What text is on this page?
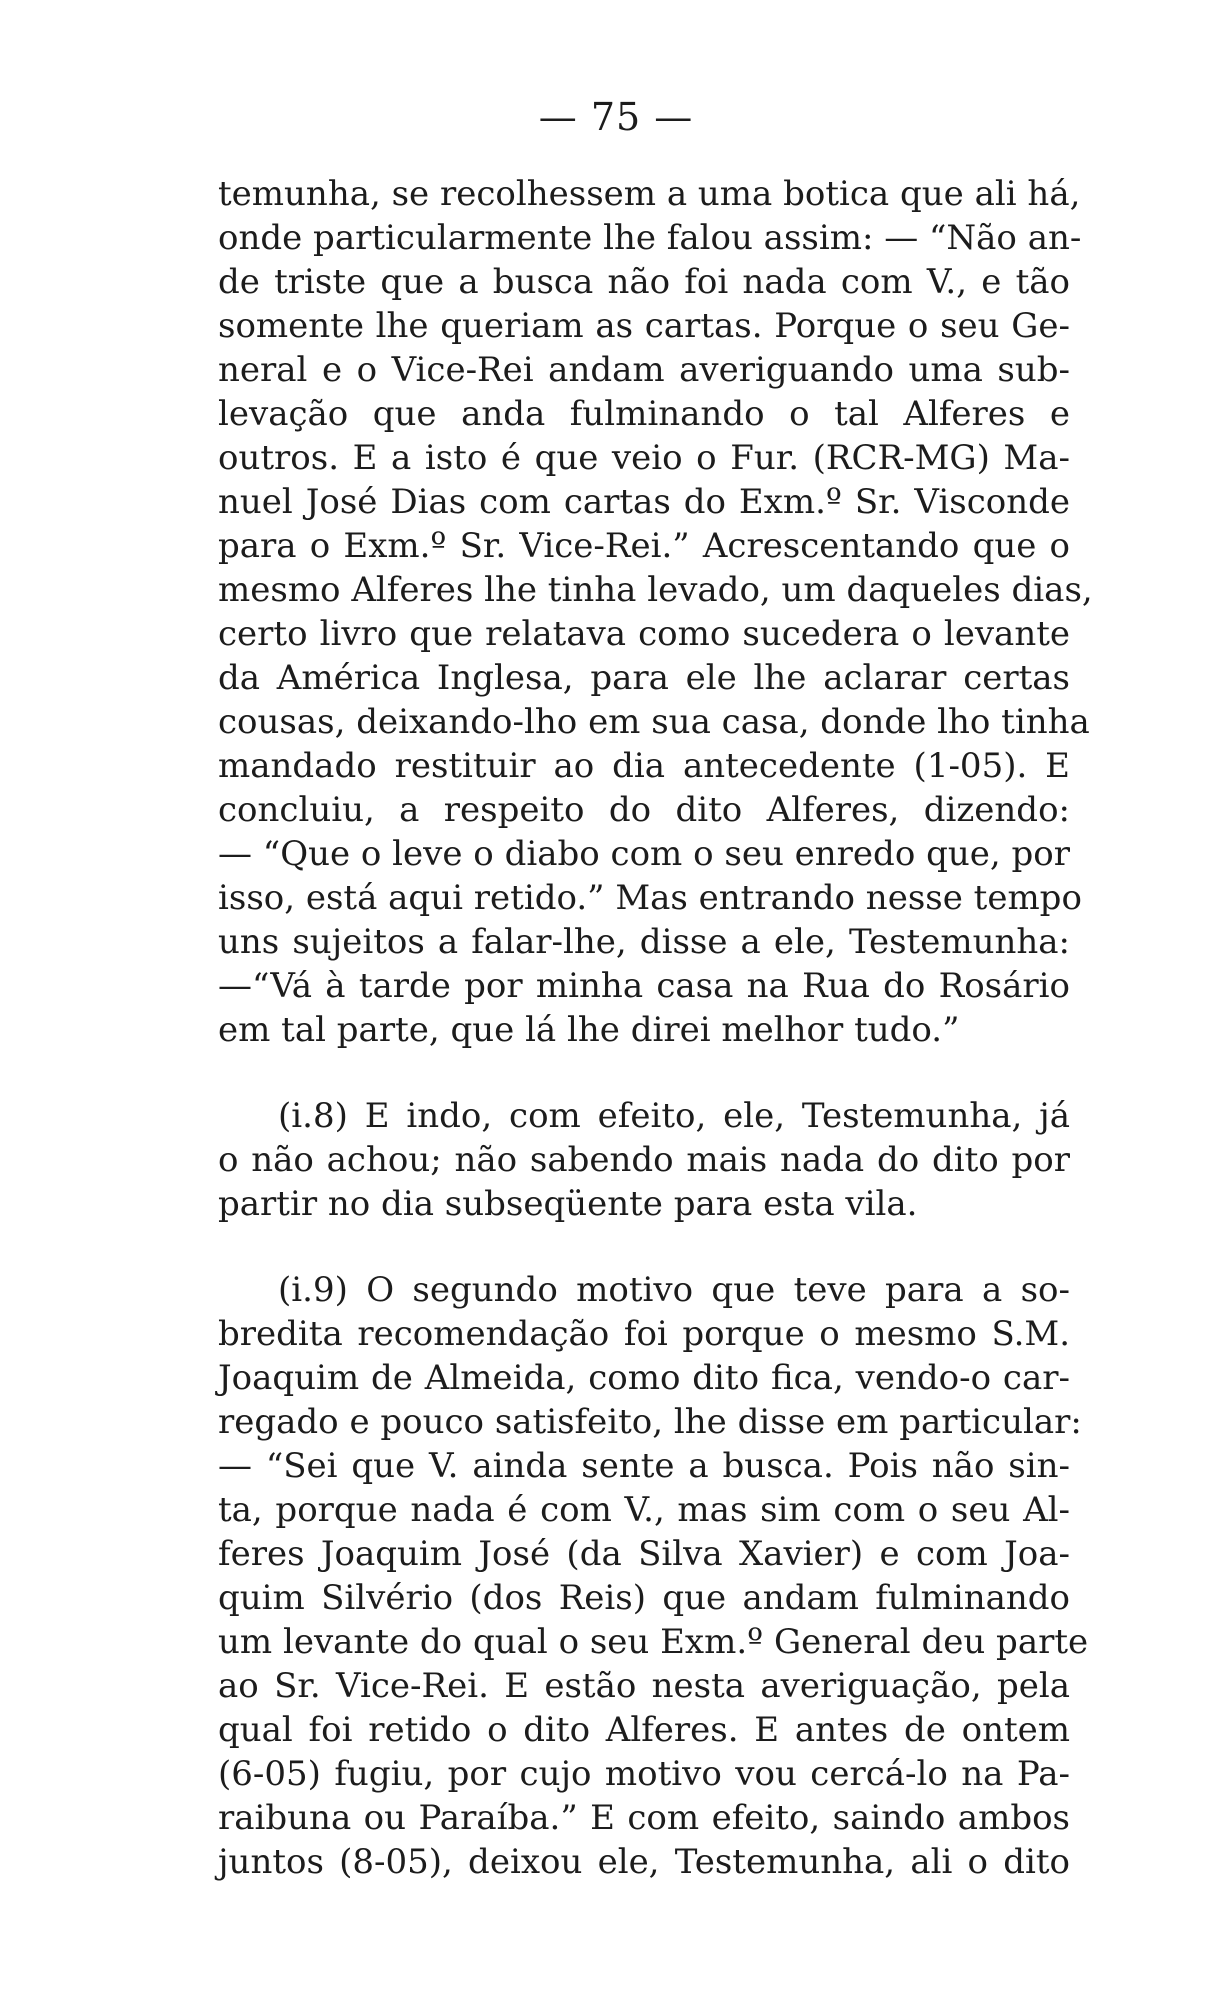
— 75 —

temunha, se recolhessem a uma botica que ali há,
onde particularmente lhe falou assim: — “Não an-
de triste que a busca não foi nada com V., e tão
somente lhe queriam as cartas. Porque o seu Ge-
neral e o Vice-Rei andam averiguando uma sub-
levação que anda fulminando o tal Alferes e
outros. E a isto é que veio o Fur. (RCR-MG) Ma-
nuel José Dias com cartas do Exm.º Sr. Visconde
para o Exm.º Sr. Vice-Rei.” Acrescentando que o
mesmo Alferes lhe tinha levado, um daqueles dias,
certo livro que relatava como sucedera o levante
da América Inglesa, para ele lhe aclarar certas
cousas, deixando-lho em sua casa, donde lho tinha
mandado restituir ao dia antecedente (1-05). E
concluiu, a respeito do dito Alferes, dizendo:
— “Que o leve o diabo com o seu enredo que, por
isso, está aqui retido.” Mas entrando nesse tempo
uns sujeitos a falar-lhe, disse a ele, Testemunha:
—“Vá à tarde por minha casa na Rua do Rosário
em tal parte, que lá lhe direi melhor tudo.”

(i.8) E indo, com efeito, ele, Testemunha, já
o não achou; não sabendo mais nada do dito por
partir no dia subseqüente para esta vila.

(i.9) O segundo motivo que teve para a so-
bredita recomendação foi porque o mesmo S.M.
Joaquim de Almeida, como dito fica, vendo-o car-
regado e pouco satisfeito, lhe disse em particular:
— “Sei que V. ainda sente a busca. Pois não sin-
ta, porque nada é com V., mas sim com o seu Al-
feres Joaquim José (da Silva Xavier) e com Joa-
quim Silvério (dos Reis) que andam fulminando
um levante do qual o seu Exm.º General deu parte
ao Sr. Vice-Rei. E estão nesta averiguação, pela
qual foi retido o dito Alferes. E antes de ontem
(6-05) fugiu, por cujo motivo vou cercá-lo na Pa-
raibuna ou Paraíba.” E com efeito, saindo ambos
juntos (8-05), deixou ele, Testemunha, ali o dito
